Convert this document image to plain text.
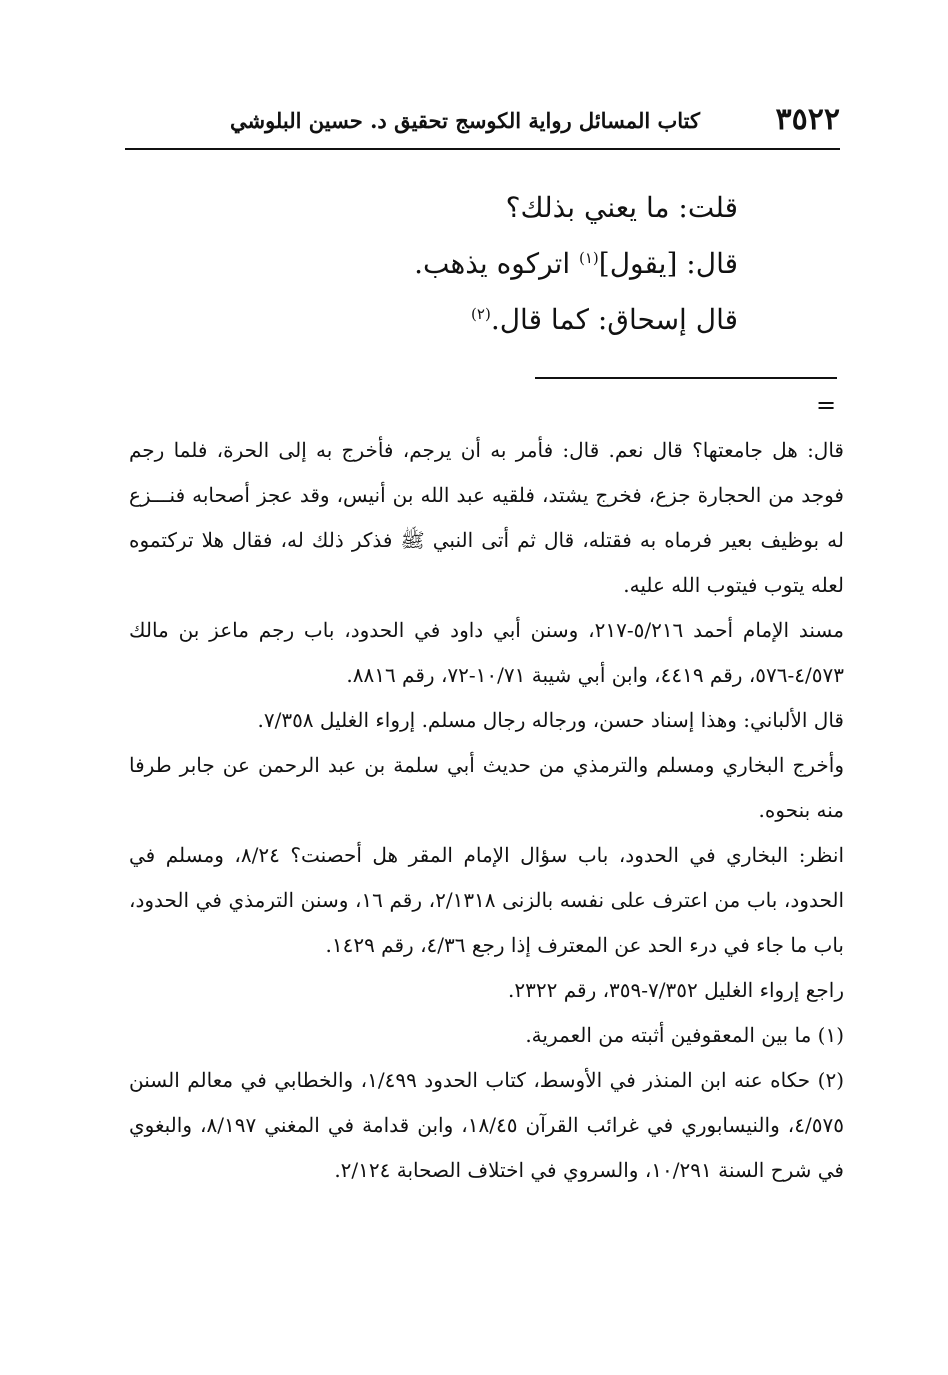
٣٥٢٢
كتاب المسائل رواية الكوسج تحقيق د. حسين البلوشي

قلت: ما يعني بذلك؟

قال: [يقول]$^{(١)}$ اتركوه يذهب.

قال إسحاق: كما قال.$^{(٢)}$

=

قال: هل جامعتها؟ قال نعم. قال: فأمر به أن يرجم، فأخرج به إلى الحرة، فلما رجم فوجد من الحجارة جزع، فخرج يشتد، فلقيه عبد الله بن أنيس، وقد عجز أصحابه فنـــزع له بوظيف بعير فرماه به فقتله، قال ثم أتى النبي ﷺ فذكر ذلك له، فقال هلا تركتموه لعله يتوب فيتوب الله عليه.

مسند الإمام أحمد ٥/٢١٦-٢١٧، وسنن أبي داود في الحدود، باب رجم ماعز بن مالك ٤/٥٧٣-٥٧٦، رقم ٤٤١٩، وابن أبي شيبة ١٠/٧١-٧٢، رقم ٨٨١٦.

قال الألباني: وهذا إسناد حسن، ورجاله رجال مسلم. إرواء الغليل ٧/٣٥٨.

وأخرج البخاري ومسلم والترمذي من حديث أبي سلمة بن عبد الرحمن عن جابر طرفا منه بنحوه.

انظر: البخاري في الحدود، باب سؤال الإمام المقر هل أحصنت؟ ٨/٢٤، ومسلم في الحدود، باب من اعترف على نفسه بالزنى ٢/١٣١٨، رقم ١٦، وسنن الترمذي في الحدود، باب ما جاء في درء الحد عن المعترف إذا رجع ٤/٣٦، رقم ١٤٢٩.

راجع إرواء الغليل ٧/٣٥٢-٣٥٩، رقم ٢٣٢٢.

(١) ما بين المعقوفين أثبته من العمرية.

(٢) حكاه عنه ابن المنذر في الأوسط، كتاب الحدود ١/٤٩٩، والخطابي في معالم السنن ٤/٥٧٥، والنيسابوري في غرائب القرآن ١٨/٤٥، وابن قدامة في المغني ٨/١٩٧، والبغوي في شرح السنة ١٠/٢٩١، والسروي في اختلاف الصحابة ٢/١٢٤.
